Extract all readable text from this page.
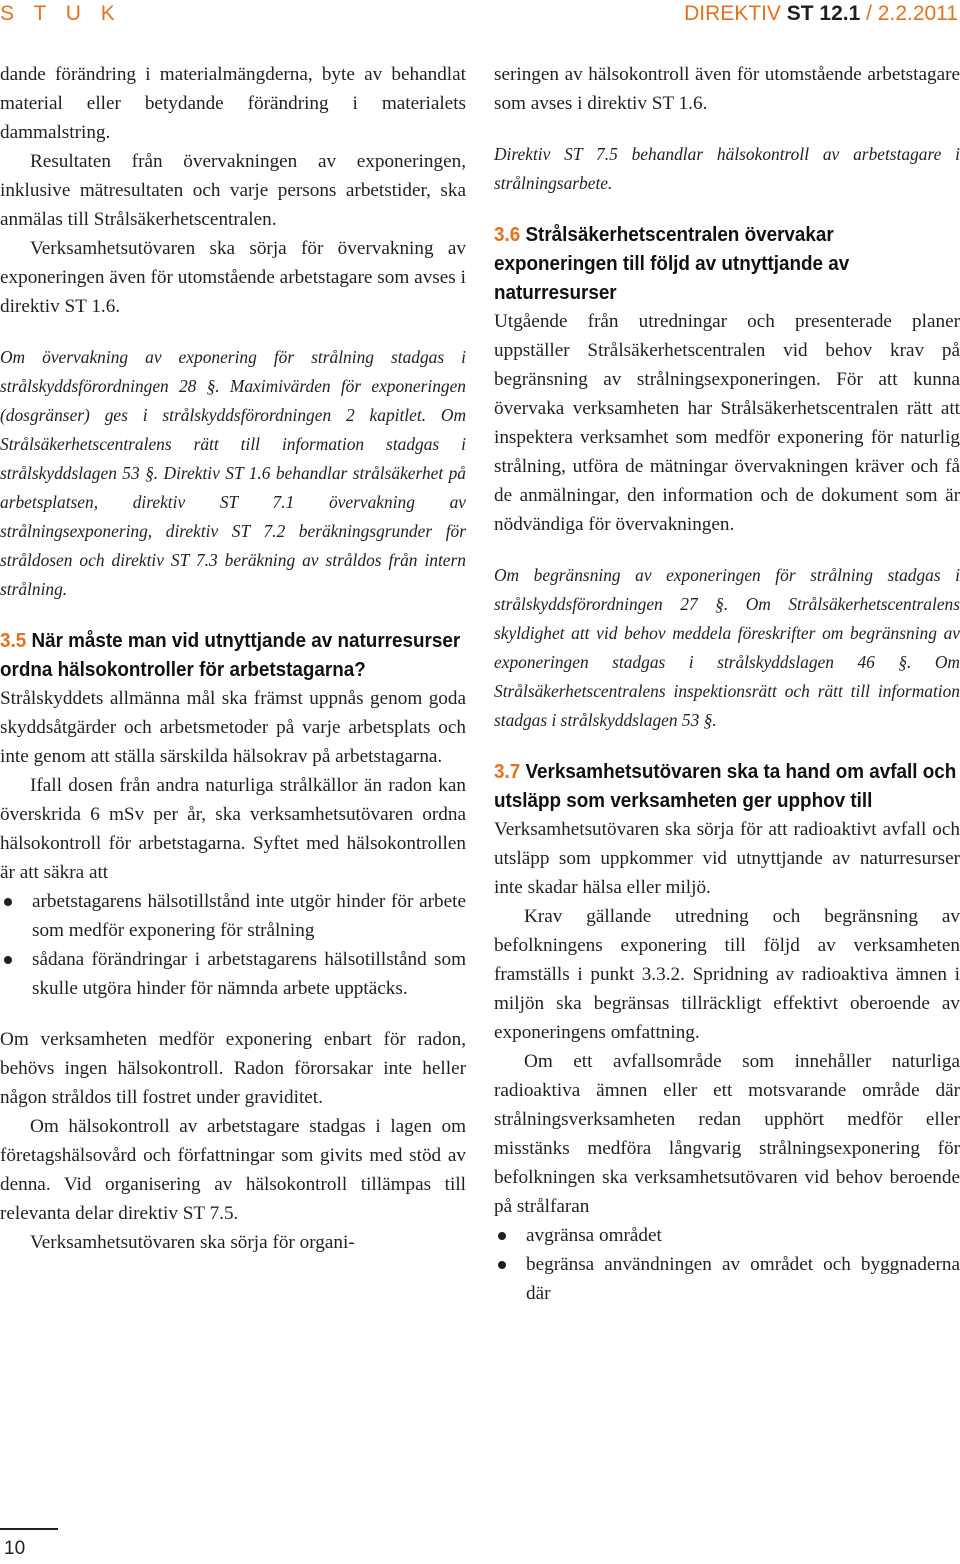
S T U K	DIREKTIV ST 12.1 / 2.2.2011

dande förändring i materialmängderna, byte av behandlat material eller betydande förändring i materialets dammalstring.

Resultaten från övervakningen av exponeringen, inklusive mätresultaten och varje persons arbetstider, ska anmälas till Strålsäkerhetscentralen.

Verksamhetsutövaren ska sörja för övervakning av exponeringen även för utomstående arbetstagare som avses i direktiv ST 1.6.

Om övervakning av exponering för strålning stadgas i strålskyddsförordningen 28 §. Maximivärden för exponeringen (dosgränser) ges i strålskyddsförordningen 2 kapitlet. Om Strålsäkerhetscentralens rätt till information stadgas i strålskyddslagen 53 §. Direktiv ST 1.6 behandlar strålsäkerhet på arbetsplatsen, direktiv ST 7.1 övervakning av strålningsexponering, direktiv ST 7.2 beräkningsgrunder för stråldosen och direktiv ST 7.3 beräkning av stråldos från intern strålning.

3.5 När måste man vid utnyttjande av naturresurser ordna hälsokontroller för arbetstagarna?

Strålskyddets allmänna mål ska främst uppnås genom goda skyddsåtgärder och arbetsmetoder på varje arbetsplats och inte genom att ställa särskilda hälsokrav på arbetstagarna.

Ifall dosen från andra naturliga strålkällor än radon kan överskrida 6 mSv per år, ska verksamhetsutövaren ordna hälsokontroll för arbetstagarna. Syftet med hälsokontrollen är att säkra att

arbetstagarens hälsotillstånd inte utgör hinder för arbete som medför exponering för strålning
sådana förändringar i arbetstagarens hälsotillstånd som skulle utgöra hinder för nämnda arbete upptäcks.

Om verksamheten medför exponering enbart för radon, behövs ingen hälsokontroll. Radon förorsakar inte heller någon stråldos till fostret under graviditet.

Om hälsokontroll av arbetstagare stadgas i lagen om företagshälsovård och författningar som givits med stöd av denna. Vid organisering av hälsokontroll tillämpas till relevanta delar direktiv ST 7.5.

Verksamhetsutövaren ska sörja för organi-

seringen av hälsokontroll även för utomstående arbetstagare som avses i direktiv ST 1.6.

Direktiv ST 7.5 behandlar hälsokontroll av arbetstagare i strålningsarbete.

3.6 Strålsäkerhetscentralen övervakar exponeringen till följd av utnyttjande av naturresurser

Utgående från utredningar och presenterade planer uppställer Strålsäkerhetscentralen vid behov krav på begränsning av strålningsexponeringen. För att kunna övervaka verksamheten har Strålsäkerhetscentralen rätt att inspektera verksamhet som medför exponering för naturlig strålning, utföra de mätningar övervakningen kräver och få de anmälningar, den information och de dokument som är nödvändiga för övervakningen.

Om begränsning av exponeringen för strålning stadgas i strålskyddsförordningen 27 §. Om Strålsäkerhetscentralens skyldighet att vid behov meddela föreskrifter om begränsning av exponeringen stadgas i strålskyddslagen 46 §. Om Strålsäkerhetscentralens inspektionsrätt och rätt till information stadgas i strålskyddslagen 53 §.

3.7 Verksamhetsutövaren ska ta hand om avfall och utsläpp som verksamheten ger upphov till

Verksamhetsutövaren ska sörja för att radioaktivt avfall och utsläpp som uppkommer vid utnyttjande av naturresurser inte skadar hälsa eller miljö.

Krav gällande utredning och begränsning av befolkningens exponering till följd av verksamheten framställs i punkt 3.3.2. Spridning av radioaktiva ämnen i miljön ska begränsas tillräckligt effektivt oberoende av exponeringens omfattning.

Om ett avfallsområde som innehåller naturliga radioaktiva ämnen eller ett motsvarande område där strålningsverksamheten redan upphört medför eller misstänks medföra långvarig strålningsexponering för befolkningen ska verksamhetsutövaren vid behov beroende på strålfaran

avgränsa området
begränsa användningen av området och byggnaderna där
10
